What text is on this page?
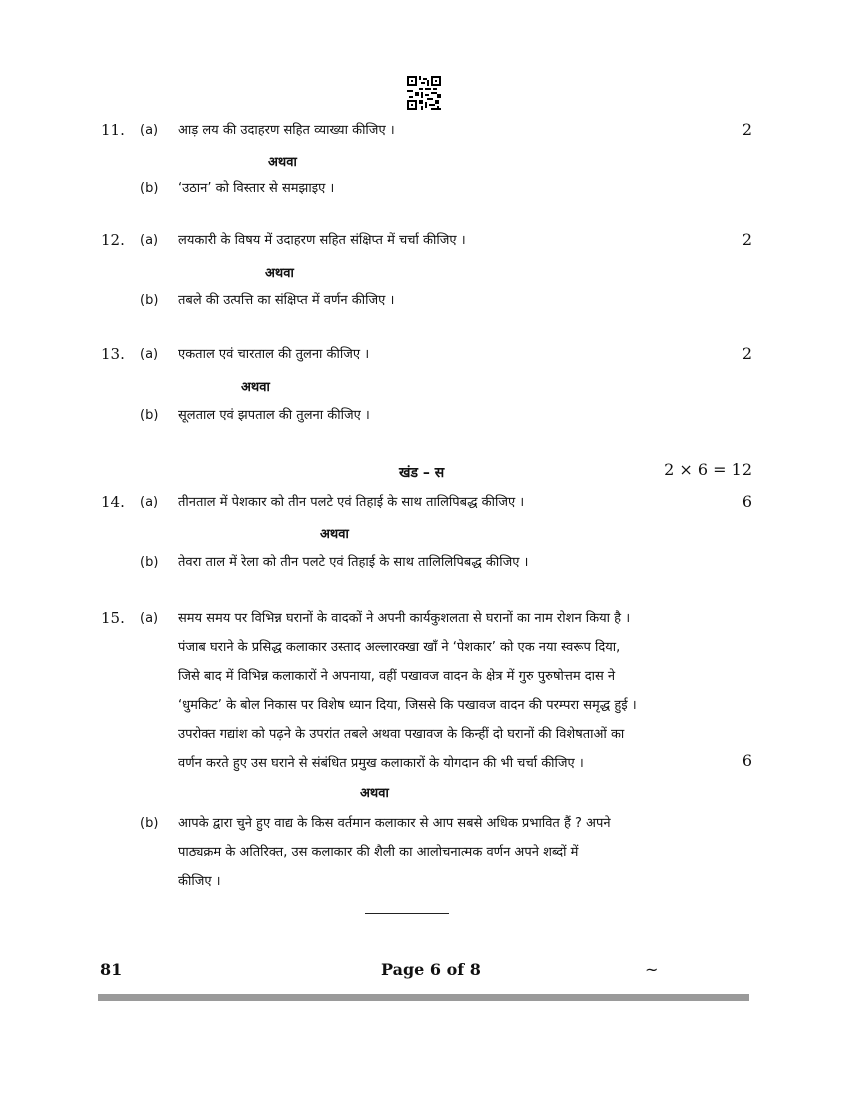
11. (a) आड़ लय की उदाहरण सहित व्याख्या कीजिए ।	2
अथवा
(b) ‘उठान’ को विस्तार से समझाइए ।
12. (a) लयकारी के विषय में उदाहरण सहित संक्षिप्त में चर्चा कीजिए ।	2
अथवा
(b) तबले की उत्पत्ति का संक्षिप्त में वर्णन कीजिए ।
13. (a) एकताल एवं चारताल की तुलना कीजिए ।	2
अथवा
(b) सूलताल एवं झपताल की तुलना कीजिए ।
खंड – स	2 × 6 = 12
14. (a) तीनताल में पेशकार को तीन पलटे एवं तिहाई के साथ तालिपिबद्ध कीजिए ।	6
अथवा
(b) तेवरा ताल में रेला को तीन पलटे एवं तिहाई के साथ तालिलिपिबद्ध कीजिए ।
15. (a) समय समय पर विभिन्न घरानों के वादकों ने अपनी कार्यकुशलता से घरानों का नाम रोशन किया है ।
पंजाब घराने के प्रसिद्ध कलाकार उस्ताद अल्लारक्खा खाँ ने ‘पेशकार’ को एक नया स्वरूप दिया,
जिसे बाद में विभिन्न कलाकारों ने अपनाया, वहीं पखावज वादन के क्षेत्र में गुरु पुरुषोत्तम दास ने
‘धुमकिट’ के बोल निकास पर विशेष ध्यान दिया, जिससे कि पखावज वादन की परम्परा समृद्ध हुई ।
उपरोक्त गद्यांश को पढ़ने के उपरांत तबले अथवा पखावज के किन्हीं दो घरानों की विशेषताओं का
वर्णन करते हुए उस घराने से संबंधित प्रमुख कलाकारों के योगदान की भी चर्चा कीजिए ।	6
अथवा
(b) आपके द्वारा चुने हुए वाद्य के किस वर्तमान कलाकार से आप सबसे अधिक प्रभावित हैं ? अपने
पाठ्यक्रम के अतिरिक्त, उस कलाकार की शैली का आलोचनात्मक वर्णन अपने शब्दों में
कीजिए ।
81	Page 6 of 8	~
